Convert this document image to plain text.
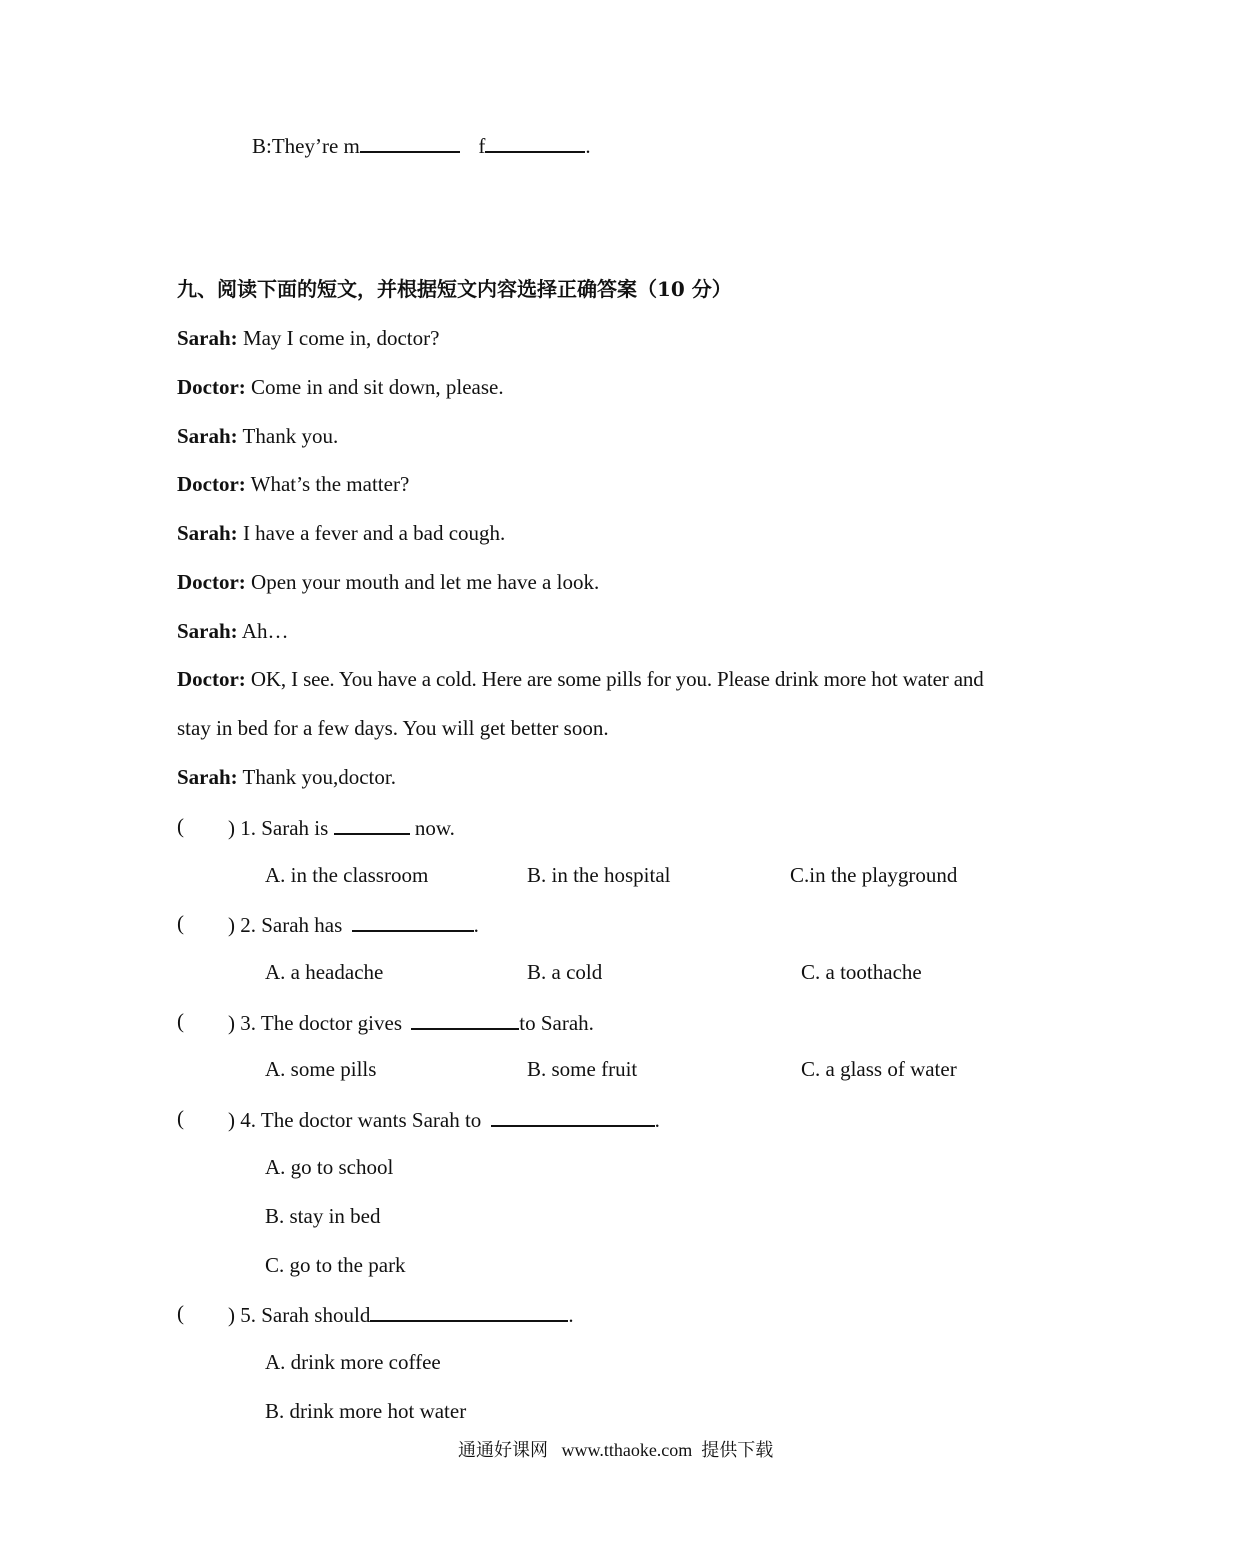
B:They’re m	f	.
九、阅读下面的短文，并根据短文内容选择正确答案（10 分）
Sarah: May I come in, doctor?
Doctor: Come in and sit down, please.
Sarah: Thank you.
Doctor: What’s the matter?
Sarah: I have a fever and a bad cough.
Doctor: Open your mouth and let me have a look.
Sarah: Ah…
Doctor: OK, I see. You have a cold. Here are some pills for you. Please drink more hot water and
stay in bed for a few days. You will get better soon.
Sarah: Thank you,doctor.
( ) 1. Sarah is	now.
A. in the classroom	B. in the hospital	C.in the playground
( ) 2. Sarah has	.
A. a headache	B. a cold	C. a toothache
( ) 3. The doctor gives	to Sarah.
A. some pills	B. some fruit	C. a glass of water
( ) 4. The doctor wants Sarah to	.
A. go to school
B. stay in bed
C. go to the park
( ) 5. Sarah should	.
A. drink more coffee
B. drink more hot water
通通好课网   www.tthaoke.com  提供下载
